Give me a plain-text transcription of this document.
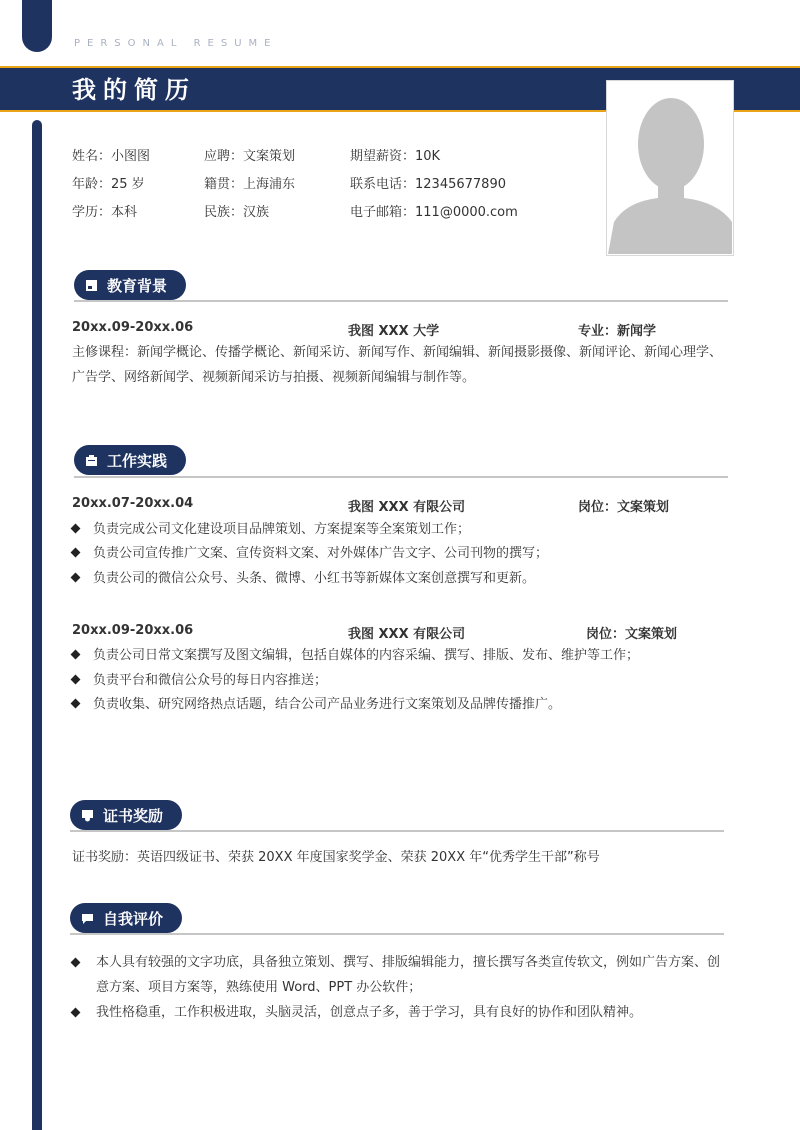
PERSONAL RESUME
我的简历
姓名：小图图	应聘：文案策划	期望薪资：10K
年龄：25 岁	籍贯：上海浦东	联系电话：12345677890
学历：本科	民族：汉族	电子邮箱：111@0000.com
教育背景
20xx.09-20xx.06	我图 XXX 大学	专业：新闻学
主修课程：新闻学概论、传播学概论、新闻采访、新闻写作、新闻编辑、新闻摄影摄像、新闻评论、新闻心理学、广告学、网络新闻学、视频新闻采访与拍摄、视频新闻编辑与制作等。
工作实践
20xx.07-20xx.04	我图 XXX 有限公司	岗位：文案策划
负责完成公司文化建设项目品牌策划、方案提案等全案策划工作；
负责公司宣传推广文案、宣传资料文案、对外媒体广告文字、公司刊物的撰写；
负责公司的微信公众号、头条、微博、小红书等新媒体文案创意撰写和更新。
20xx.09-20xx.06	我图 XXX 有限公司	岗位：文案策划
负责公司日常文案撰写及图文编辑，包括自媒体的内容采编、撰写、排版、发布、维护等工作；
负责平台和微信公众号的每日内容推送；
负责收集、研究网络热点话题，结合公司产品业务进行文案策划及品牌传播推广。
证书奖励
证书奖励：英语四级证书、荣获 20XX 年度国家奖学金、荣获 20XX 年“优秀学生干部”称号
自我评价
本人具有较强的文字功底，具备独立策划、撰写、排版编辑能力，擅长撰写各类宣传软文，例如广告方案、创意方案、项目方案等，熟练使用 Word、PPT 办公软件；
我性格稳重，工作积极进取，头脑灵活，创意点子多，善于学习，具有良好的协作和团队精神。
